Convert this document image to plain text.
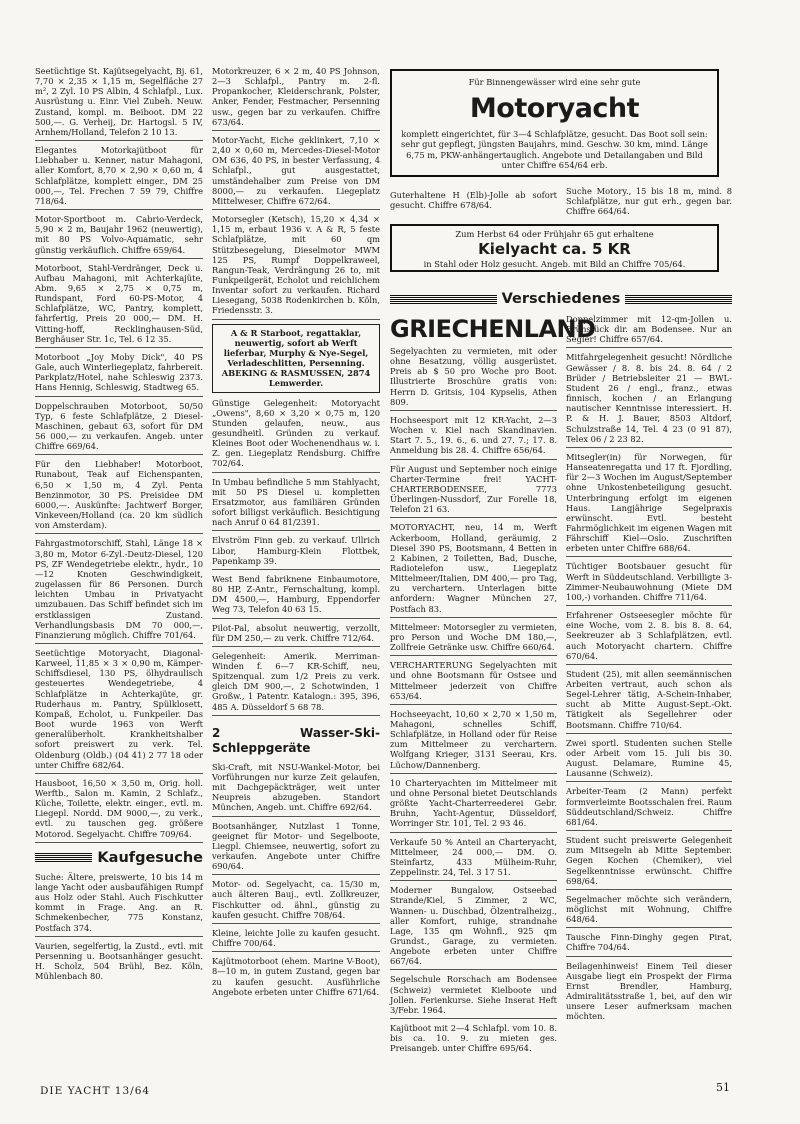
Seetüchtige St. Kajütsegelyacht, Bj. 61, 7,70 × 2,35 × 1,15 m, Segelfläche 27 m², 2 Zyl. 10 PS Albin, 4 Schlafpl., Lux. Ausrüstung u. Einr. Viel Zubeh. Neuw. Zustand, kompl. m. Beiboot. DM 22 500,—. G. Verheij, Dr. Hartogsl. 5 IV, Arnhem/Holland, Telefon 2 10 13.
Elegantes Motorkajütboot für Liebhaber u. Kenner, natur Mahagoni, aller Komfort, 8,70 × 2,90 × 0,60 m, 4 Schlafplätze, komplett einger., DM 25 000,—, Tel. Frechen 7 59 79, Chiffre 718/64.
Motor-Sportboot m. Cabrio-Verdeck, 5,90 × 2 m, Baujahr 1962 (neuwertig), mit 80 PS Volvo-Aquamatic, sehr günstig verkäuflich. Chiffre 659/64.
Motorboot, Stahl-Verdränger, Deck u. Aufbau Mahagoni, mit Achterkajüte, Abm. 9,65 × 2,75 × 0,75 m, Rundspant, Ford 60-PS-Motor, 4 Schlafplätze, WC, Pantry, komplett, fahrfertig, Preis 20 000,— DM. H. Vitting-hoff, Recklinghausen-Süd, Berghäuser Str. 1c, Tel. 6 12 35.
Motorboot „Joy Moby Dick", 40 PS Gale, auch Winterliegeplatz, fahrbereit. Parkplatz/Hotel, nahe Schleswig 2373. Hans Hennig, Schleswig, Stadtweg 65.
Doppelschrauben Motorboot, 50/50 Typ, 6 feste Schlafplätze, 2 Diesel-Maschinen, gebaut 63, sofort für DM 56 000,— zu verkaufen. Angeb. unter Chiffre 669/64.
Für den Liebhaber! Motorboot, Runabout, Teak auf Eichenspanten, 6,50 × 1,50 m, 4 Zyl. Penta Benzinmotor, 30 PS. Preisidee DM 6000,—. Auskünfte: Jachtwerf Borger, Vinkeveen/Holland (ca. 20 km südlich von Amsterdam).
Fahrgastmotorschiff, Stahl, Länge 18 × 3,80 m, Motor 6-Zyl.-Deutz-Diesel, 120 PS, ZF Wendegetriebe elektr., hydr., 10—12 Knoten Geschwindigkeit, zugelassen für 86 Personen. Durch leichten Umbau in Privatyacht umzubauen. Das Schiff befindet sich im erstklassigen Zustand. Verhandlungsbasis DM 70 000,—, Finanzierung möglich. Chiffre 701/64.
Seetüchtige Motoryacht, Diagonal-Karweel, 11,85 × 3 × 0,90 m, Kämper-Schiffsdiesel, 130 PS, ölhydraulisch gesteuertes Wendegetriebe, 4 Schlafplätze in Achterkajüte, gr. Ruderhaus m. Pantry, Spülklosett, Kompaß, Echolot, u. Funkpeiler. Das Boot wurde 1963 von Werft generalüberholt. Krankheitshalber sofort preiswert zu verk. Tel. Oldenburg (Oldb.) (04 41) 2 77 18 oder unter Chiffre 682/64.
Hausboot, 16,50 × 3,50 m, Orig. holl. Werftb., Salon m. Kamin, 2 Schlafz., Küche, Toilette, elektr. einger., evtl. m. Liegepl. Nordd. DM 9000,—, zu verk., evtl. zu tauschen geg. größere Motorod. Segelyacht. Chiffre 709/64.
Kaufgesuche
Suche: Ältere, preiswerte, 10 bis 14 m lange Yacht oder ausbaufähigen Rumpf aus Holz oder Stahl. Auch Fischkutter kommt in Frage. Ang. an R. Schmekenbecher, 775 Konstanz, Postfach 374.
Vaurien, segelfertig, la Zustd., evtl. mit Persenning u. Bootsanhänger gesucht. H. Scholz, 504 Brühl, Bez. Köln, Mühlenbach 80.
Motorkreuzer, 6 × 2 m, 40 PS Johnson, 2—3 Schlafpl., Pantry m. 2-fl. Propankocher, Kleiderschrank, Polster, Anker, Fender, Festmacher, Persenning usw., gegen bar zu verkaufen. Chiffre 673/64.
Motor-Yacht, Eiche geklinkert, 7,10 × 2,40 × 0,60 m, Mercedes-Diesel-Motor OM 636, 40 PS, in bester Verfassung, 4 Schlafpl., gut ausgestattet, umständehalber zum Preise von DM 8000,— zu verkaufen. Liegeplatz Mittelweser, Chiffre 672/64.
Motorsegler (Ketsch), 15,20 × 4,34 × 1,15 m, erbaut 1936 v. A & R, 5 feste Schlafplätze, mit 60 qm Stützbesegelung, Dieselmotor MWM 125 PS, Rumpf Doppelkraweel, Rangun-Teak, Verdrängung 26 to, mit Funkpeilgerät, Echolot und reichlichem Inventar sofort zu verkaufen. Richard Liesegang, 5038 Rodenkirchen b. Köln, Friedensstr. 3.
A & R Starboot, regattaklar, neuwertig, sofort ab Werft lieferbar, Murphy & Nye-Segel, Verladeschlitten, Persenning. ABEKING & RASMUSSEN, 2874 Lemwerder.
Günstige Gelegenheit: Motoryacht „Owens", 8,60 × 3,20 × 0,75 m, 120 Stunden gelaufen, neuw., aus gesundheitl. Gründen zu verkauf. Kleines Boot oder Wochenendhaus w. i. Z. gen. Liegeplatz Rendsburg. Chiffre 702/64.
In Umbau befindliche 5 mm Stahlyacht, mit 50 PS Diesel u. kompletten Ersatzmotor, aus familiären Gründen sofort billigst verkäuflich. Besichtigung nach Anruf 0 64 81/2391.
Elvström Finn geb. zu verkauf. Ullrich Libor, Hamburg-Klein Flottbek, Papenkamp 39.
West Bend fabriknene Einbaumotore, 80 HP, Z-Antr., Fernschaltung, kompl. DM 4500,—, Hamburg, Eppendorfer Weg 73, Telefon 40 63 15.
Pilot-Pal, absolut neuwertig, verzollt, für DM 250,— zu verk. Chiffre 712/64.
Gelegenheit: Amerik. Merriman-Winden f. 6—7 KR-Schiff, neu, Spitzenqual. zum 1/2 Preis zu verk. gleich DM 900,—, 2 Schotwinden, 1 Großw., 1 Patentr. Katalogn.: 395, 396, 485 A. Düsseldorf 5 68 78.
2 Wasser-Ski-Schleppgeräte
Ski-Craft, mit NSU-Wankel-Motor, bei Vorführungen nur kurze Zeit gelaufen, mit Dachgepäckträger, weit unter Neupreis abzugeben. Standort München, Angeb. unt. Chiffre 692/64.
Bootsanhänger, Nutzlast 1 Tonne, geeignet für Motor- und Segelboote, Liegpl. Chiemsee, neuwertig, sofort zu verkaufen. Angebote unter Chiffre 690/64.
Motor- od. Segelyacht, ca. 15/30 m, auch älteren Bauj., evtl. Zollkreuzer, Fischkutter od. ähnl., günstig zu kaufen gesucht. Chiffre 708/64.
Kleine, leichte Jolle zu kaufen gesucht. Chiffre 700/64.
Kajütmotorboot (ehem. Marine V-Boot), 8—10 m, in gutem Zustand, gegen bar zu kaufen gesucht. Ausführliche Angebote erbeten unter Chiffre 671/64.
Für Binnengewässer wird eine sehr gute
Motoryacht
komplett eingerichtet, für 3—4 Schlafplätze, gesucht. Das Boot soll sein: sehr gut gepflegt, jüngsten Baujahrs, mind. Geschw. 30 km, mind. Länge 6,75 m, PKW-anhängertauglich. Angebote und Detailangaben und Bild unter Chiffre 654/64 erb.
Guterhaltene H (Elb)-Jolle ab sofort gesucht. Chiffre 678/64.
Suche Motory., 15 bis 18 m, mind. 8 Schlafplätze, nur gut erh., gegen bar. Chiffre 664/64.
Zum Herbst 64 oder Frühjahr 65 gut erhaltene
Kielyacht ca. 5 KR
in Stahl oder Holz gesucht. Angeb. mit Bild an Chiffre 705/64.
Verschiedenes
GRIECHENLAND
Segelyachten zu vermieten, mit oder ohne Besatzung, völlig ausgerüstet. Preis ab $ 50 pro Woche pro Boot. Illustrierte Broschüre gratis von: Herrn D. Gritsis, 104 Kypselis, Athen 809.
Hochseesport mit 12 KR-Yacht, 2—3 Wochen v. Kiel nach Skandinavien. Start 7. 5., 19. 6., 6. und 27. 7.; 17. 8. Anmeldung bis 28. 4. Chiffre 656/64.
Für August und September noch einige Charter-Termine frei! YACHT-CHARTERBODENSEE, 7773 Überlingen-Nussdorf, Zur Forelle 18, Telefon 21 63.
MOTORYACHT, neu, 14 m, Werft Ackerboom, Holland, geräumig, 2 Diesel 390 PS, Bootsmann, 4 Betten in 2 Kabinen, 2 Toiletten, Bad, Dusche, Radiotelefon usw., Liegeplatz Mittelmeer/Italien, DM 400,— pro Tag, zu verchartern. Unterlagen bitte anfordern: Wagner München 27, Postfach 83.
Mittelmeer: Motorsegler zu vermieten, pro Person und Woche DM 180,—, Zollfreie Getränke usw. Chiffre 660/64.
VERCHARTERUNG Segelyachten mit und ohne Bootsmann für Ostsee und Mittelmeer jederzeit von Chiffre 653/64.
Hochseeyacht, 10,60 × 2,70 × 1,50 m, Mahagoni, schnelles Schiff, Schlafplätze, in Holland oder für Reise zum Mittelmeer zu verchartern. Wolfgang Krieger, 3131 Seerau, Krs. Lüchow/Dannenberg.
10 Charteryachten im Mittelmeer mit und ohne Personal bietet Deutschlands größte Yacht-Charterreederei Gebr. Bruhn, Yacht-Agentur, Düsseldorf, Worringer Str. 101, Tel. 2 93 46.
Verkaufe 50 % Anteil an Charteryacht, Mittelmeer, 24 000,— DM. O. Steinfartz, 433 Mülheim-Ruhr, Zeppelinstr. 24, Tel. 3 17 51.
Moderner Bungalow, Ostseebad Strande/Kiel, 5 Zimmer, 2 WC, Wannen- u. Duschbad, Ölzentralheizg., aller Komfort, ruhige, strandnahe Lage, 135 qm Wohnfl., 925 qm Grundst., Garage, zu vermieten. Angebote erbeten unter Chiffre 667/64.
Segelschule Rorschach am Bodensee (Schweiz) vermietet Kielboote und Jollen. Ferienkurse. Siehe Inserat Heft 3/Febr. 1964.
Kajütboot mit 2—4 Schlafpl. vom 10. 8. bis ca. 10. 9. zu mieten ges. Preisangeb. unter Chiffre 695/64.
Doppelzimmer mit 12-qm-Jollen u. Frühstück dir. am Bodensee. Nur an Segler! Chiffre 657/64.
Mitfahrgelegenheit gesucht! Nördliche Gewässer / 8. 8. bis 24. 8. 64 / 2 Brüder / Betriebsleiter 21 — BWL-Student 26 / engl., franz., etwas finnisch, kochen / an Erlangung nautischer Kenntnisse interessiert. H. P. & H. J. Bauer, 8503 Altdorf, Schulzstraße 14, Tel. 4 23 (0 91 87), Telex 06 / 2 23 82.
Mitsegler(in) für Norwegen, für Hanseatenregatta und 17 ft. Fjordling, für 2—3 Wochen im August/September ohne Unkostenbeteiligung gesucht. Unterbringung erfolgt im eigenen Haus. Langjährige Segelpraxis erwünscht. Evtl. besteht Fahrmöglichkeit im eigenen Wagen mit Fährschiff Kiel—Oslo. Zuschriften erbeten unter Chiffre 688/64.
Tüchtiger Bootsbauer gesucht für Werft in Süddeutschland. Verbilligte 3-Zimmer-Neubauwohnung (Miete DM 100,-) vorhanden. Chiffre 711/64.
Erfahrener Ostseesegler möchte für eine Woche, vom 2. 8. bis 8. 8. 64, Seekreuzer ab 3 Schlafplätzen, evtl. auch Motoryacht chartern. Chiffre 670/64.
Student (25), mit allen seemännischen Arbeiten vertraut, auch schon als Segel-Lehrer tätig, A-Schein-Inhaber, sucht ab Mitte August-Sept.-Okt. Tätigkeit als Segellehrer oder Bootsmann. Chiffre 710/64.
Zwei sportl. Studenten suchen Stelle oder Arbeit vom 15. Juli bis 30. August. Delamare, Rumine 45, Lausanne (Schweiz).
Arbeiter-Team (2 Mann) perfekt formverleimte Bootsschalen frei. Raum Süddeutschland/Schweiz. Chiffre 681/64.
Student sucht preiswerte Gelegenheit zum Mitsegeln ab Mitte September. Gegen Kochen (Chemiker), viel Segelkenntnisse erwünscht. Chiffre 698/64.
Segelmacher möchte sich verändern, möglichst mit Wohnung, Chiffre 648/64.
Tausche Finn-Dinghy gegen Pirat, Chiffre 704/64.
Beilagenhinweis! Einem Teil dieser Ausgabe liegt ein Prospekt der Firma Ernst Brendler, Hamburg, Admiralitätsstraße 1, bei, auf den wir unsere Leser aufmerksam machen möchten.
DIE YACHT 13/64	51
